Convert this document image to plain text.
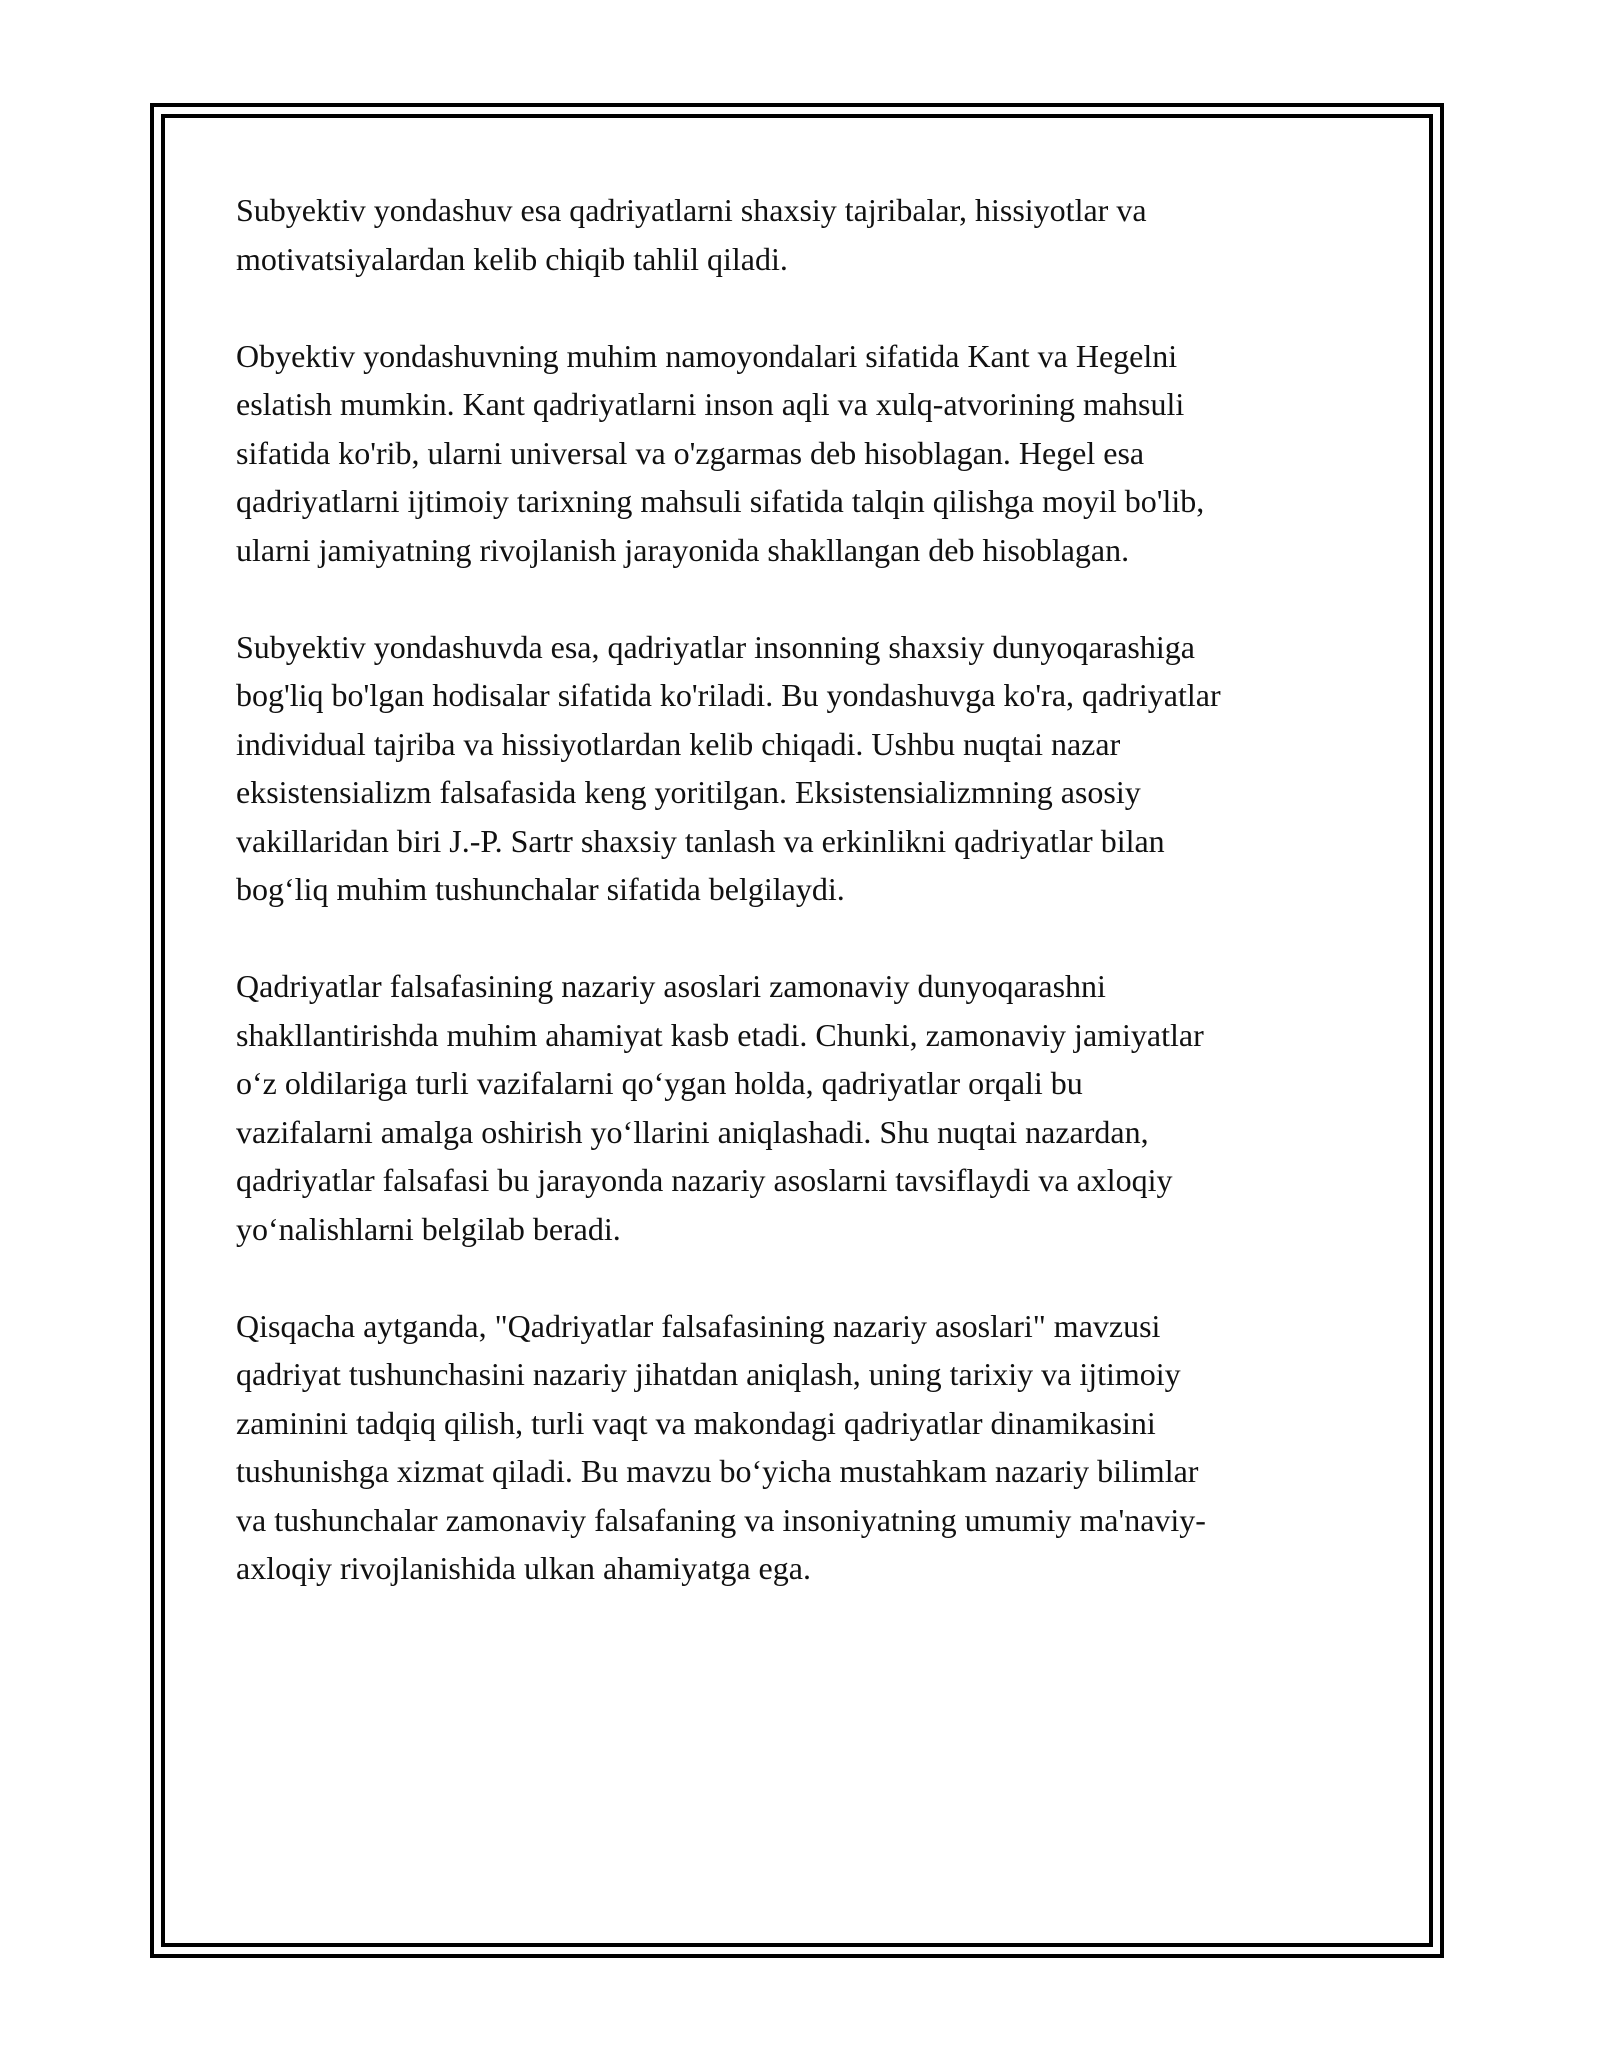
Subyektiv yondashuv esa qadriyatlarni shaxsiy tajribalar, hissiyotlar va
motivatsiyalardan kelib chiqib tahlil qiladi.

Obyektiv yondashuvning muhim namoyondalari sifatida Kant va Hegelni
eslatish mumkin. Kant qadriyatlarni inson aqli va xulq-atvorining mahsuli
sifatida ko'rib, ularni universal va o'zgarmas deb hisoblagan. Hegel esa
qadriyatlarni ijtimoiy tarixning mahsuli sifatida talqin qilishga moyil bo'lib,
ularni jamiyatning rivojlanish jarayonida shakllangan deb hisoblagan.

Subyektiv yondashuvda esa, qadriyatlar insonning shaxsiy dunyoqarashiga
bog'liq bo'lgan hodisalar sifatida ko'riladi. Bu yondashuvga ko'ra, qadriyatlar
individual tajriba va hissiyotlardan kelib chiqadi. Ushbu nuqtai nazar
eksistensializm falsafasida keng yoritilgan. Eksistensializmning asosiy
vakillaridan biri J.-P. Sartr shaxsiy tanlash va erkinlikni qadriyatlar bilan
bog‘liq muhim tushunchalar sifatida belgilaydi.

Qadriyatlar falsafasining nazariy asoslari zamonaviy dunyoqarashni
shakllantirishda muhim ahamiyat kasb etadi. Chunki, zamonaviy jamiyatlar
o‘z oldilariga turli vazifalarni qo‘ygan holda, qadriyatlar orqali bu
vazifalarni amalga oshirish yo‘llarini aniqlashadi. Shu nuqtai nazardan,
qadriyatlar falsafasi bu jarayonda nazariy asoslarni tavsiflaydi va axloqiy
yo‘nalishlarni belgilab beradi.

Qisqacha aytganda, "Qadriyatlar falsafasining nazariy asoslari" mavzusi
qadriyat tushunchasini nazariy jihatdan aniqlash, uning tarixiy va ijtimoiy
zaminini tadqiq qilish, turli vaqt va makondagi qadriyatlar dinamikasini
tushunishga xizmat qiladi. Bu mavzu bo‘yicha mustahkam nazariy bilimlar
va tushunchalar zamonaviy falsafaning va insoniyatning umumiy ma'naviy-
axloqiy rivojlanishida ulkan ahamiyatga ega.
